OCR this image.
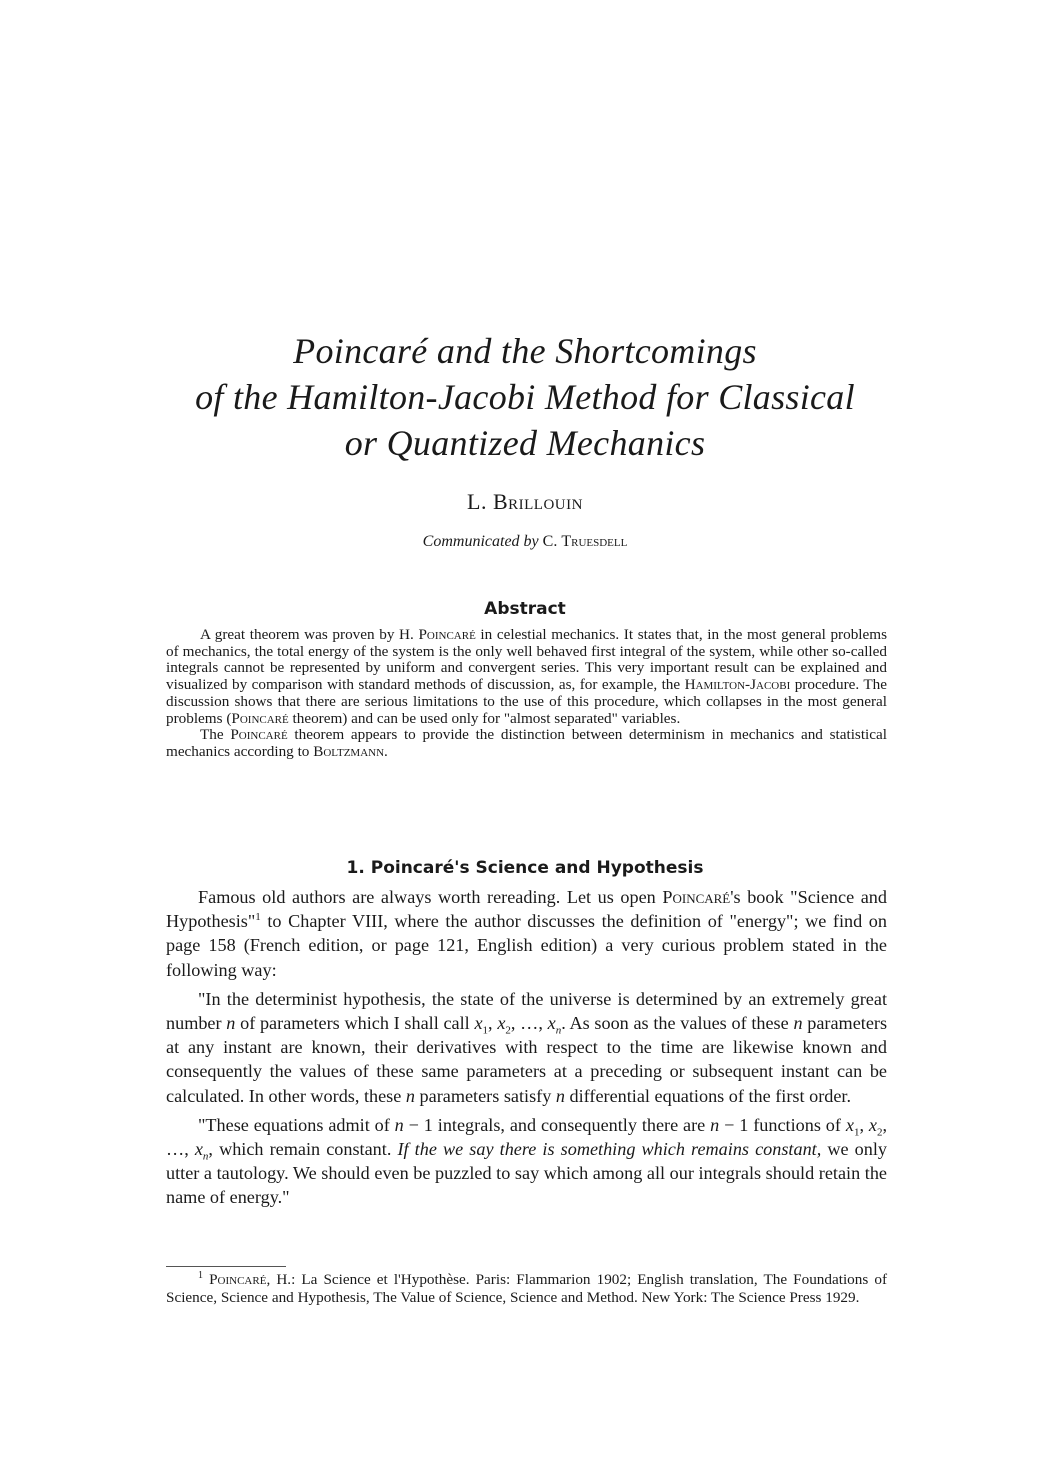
Poincaré and the Shortcomings
of the Hamilton-Jacobi Method for Classical
or Quantized Mechanics
L. Brillouin
Communicated by C. Truesdell
Abstract

A great theorem was proven by H. Poincaré in celestial mechanics. It states that, in the most general problems of mechanics, the total energy of the system is the only well behaved first integral of the system, while other so-called integrals cannot be represented by uniform and convergent series. This very important result can be explained and visualized by comparison with standard methods of discussion, as, for example, the Hamilton-Jacobi procedure. The discussion shows that there are serious limitations to the use of this procedure, which collapses in the most general problems (Poincaré theorem) and can be used only for "almost separated" variables.

The Poincaré theorem appears to provide the distinction between determinism in mechanics and statistical mechanics according to Boltzmann.

1. Poincaré's Science and Hypothesis

Famous old authors are always worth rereading. Let us open Poincaré's book "Science and Hypothesis"$^1$ to Chapter VIII, where the author discusses the definition of "energy"; we find on page 158 (French edition, or page 121, English edition) a very curious problem stated in the following way:

"In the determinist hypothesis, the state of the universe is determined by an extremely great number n of parameters which I shall call $x_1$, $x_2$, …, $x_n$. As soon as the values of these n parameters at any instant are known, their derivatives with respect to the time are likewise known and consequently the values of these same parameters at a preceding or subsequent instant can be calculated. In other words, these n parameters satisfy n differential equations of the first order.

"These equations admit of n − 1 integrals, and consequently there are n − 1 functions of $x_1$, $x_2$, …, $x_n$, which remain constant. If the we say there is something which remains constant, we only utter a tautology. We should even be puzzled to say which among all our integrals should retain the name of energy."

$^1$ Poincaré, H.: La Science et l'Hypothèse. Paris: Flammarion 1902; English translation, The Foundations of Science, Science and Hypothesis, The Value of Science, Science and Method. New York: The Science Press 1929.
